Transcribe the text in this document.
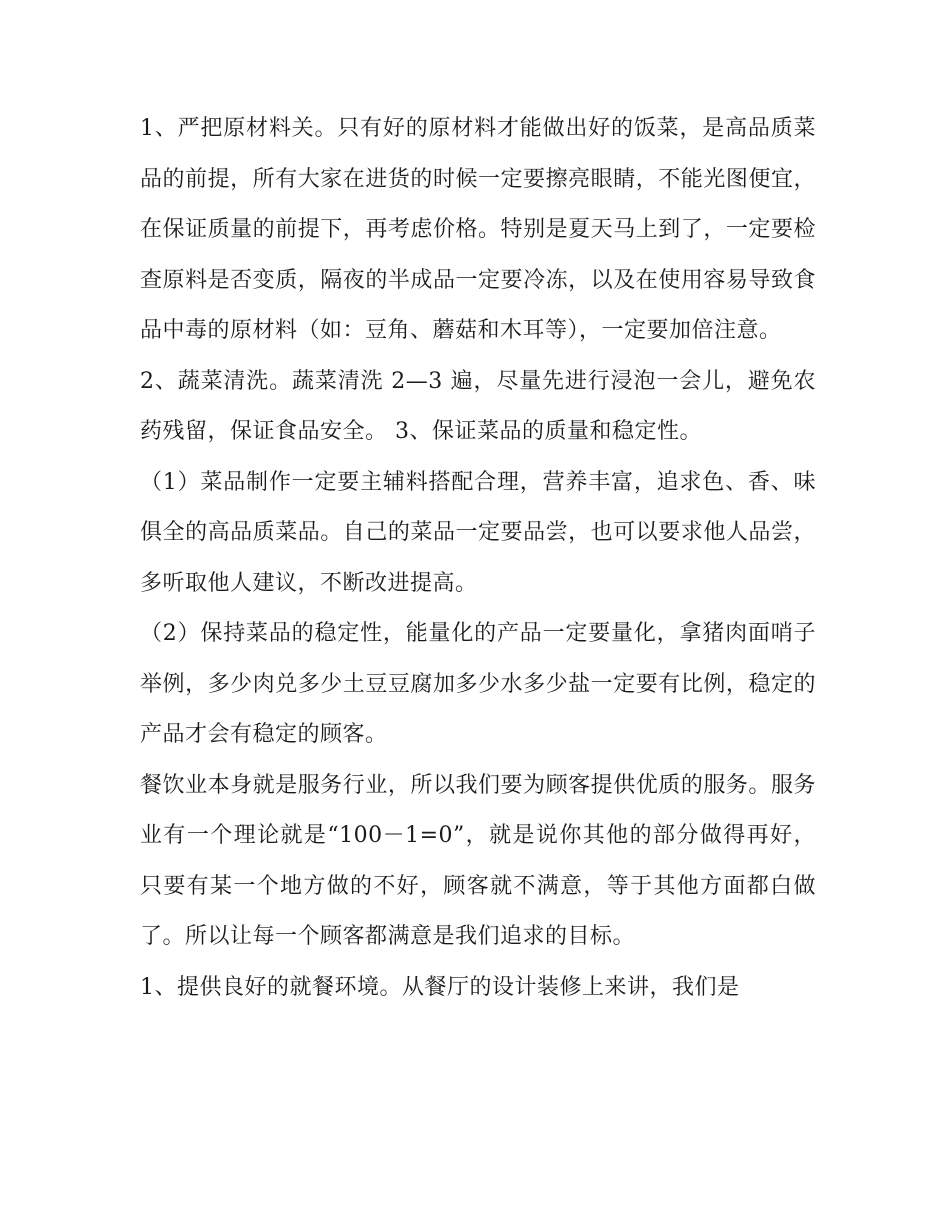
1、严把原材料关。只有好的原材料才能做出好的饭菜，是高品质菜品的前提，所有大家在进货的时候一定要擦亮眼睛，不能光图便宜，在保证质量的前提下，再考虑价格。特别是夏天马上到了，一定要检查原料是否变质，隔夜的半成品一定要冷冻，以及在使用容易导致食品中毒的原材料（如：豆角、蘑菇和木耳等），一定要加倍注意。

2、蔬菜清洗。蔬菜清洗 2—3 遍，尽量先进行浸泡一会儿，避免农药残留，保证食品安全。 3、保证菜品的质量和稳定性。

（1）菜品制作一定要主辅料搭配合理，营养丰富，追求色、香、味俱全的高品质菜品。自己的菜品一定要品尝，也可以要求他人品尝，多听取他人建议，不断改进提高。

（2）保持菜品的稳定性，能量化的产品一定要量化，拿猪肉面哨子举例，多少肉兑多少土豆豆腐加多少水多少盐一定要有比例，稳定的产品才会有稳定的顾客。

餐饮业本身就是服务行业，所以我们要为顾客提供优质的服务。服务业有一个理论就是“100－1=0”，就是说你其他的部分做得再好，只要有某一个地方做的不好，顾客就不满意，等于其他方面都白做了。所以让每一个顾客都满意是我们追求的目标。

1、提供良好的就餐环境。从餐厅的设计装修上来讲，我们是
